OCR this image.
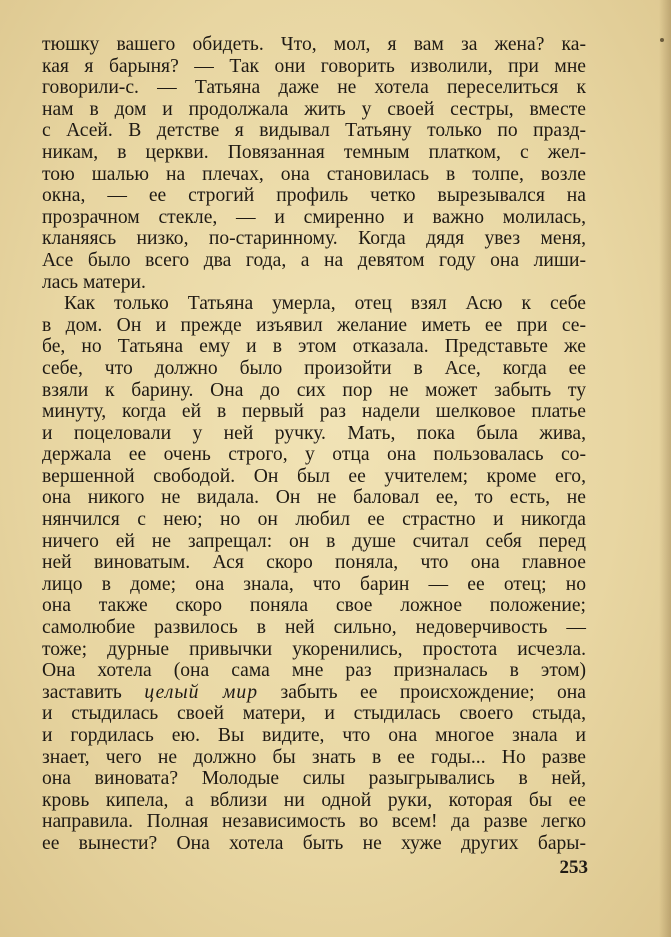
тюшку вашего обидеть. Что, мол, я вам за жена? ка-
кая я барыня? — Так они говорить изволили, при мне
говорили-с. — Татьяна даже не хотела переселиться к
нам в дом и продолжала жить у своей сестры, вместе
с Асей. В детстве я видывал Татьяну только по празд-
никам, в церкви. Повязанная темным платком, с жел-
тою шалью на плечах, она становилась в толпе, возле
окна, — ее строгий профиль четко вырезывался на
прозрачном стекле, — и смиренно и важно молилась,
кланяясь низко, по-старинному. Когда дядя увез меня,
Асе было всего два года, а на девятом году она лиши-
лась матери.
Как только Татьяна умерла, отец взял Асю к себе
в дом. Он и прежде изъявил желание иметь ее при се-
бе, но Татьяна ему и в этом отказала. Представьте же
себе, что должно было произойти в Асе, когда ее
взяли к барину. Она до сих пор не может забыть ту
минуту, когда ей в первый раз надели шелковое платье
и поцеловали у ней ручку. Мать, пока была жива,
держала ее очень строго, у отца она пользовалась со-
вершенной свободой. Он был ее учителем; кроме его,
она никого не видала. Он не баловал ее, то есть, не
нянчился с нею; но он любил ее страстно и никогда
ничего ей не запрещал: он в душе считал себя перед
ней виноватым. Ася скоро поняла, что она главное
лицо в доме; она знала, что барин — ее отец; но
она также скоро поняла свое ложное положение;
самолюбие развилось в ней сильно, недоверчивость —
тоже; дурные привычки укоренились, простота исчезла.
Она хотела (она сама мне раз призналась в этом)
заставить целый мир забыть ее происхождение; она
и стыдилась своей матери, и стыдилась своего стыда,
и гордилась ею. Вы видите, что она многое знала и
знает, чего не должно бы знать в ее годы... Но разве
она виновата? Молодые силы разыгрывались в ней,
кровь кипела, а вблизи ни одной руки, которая бы ее
направила. Полная независимость во всем! да разве легко
ее вынести? Она хотела быть не хуже других бары-
253
